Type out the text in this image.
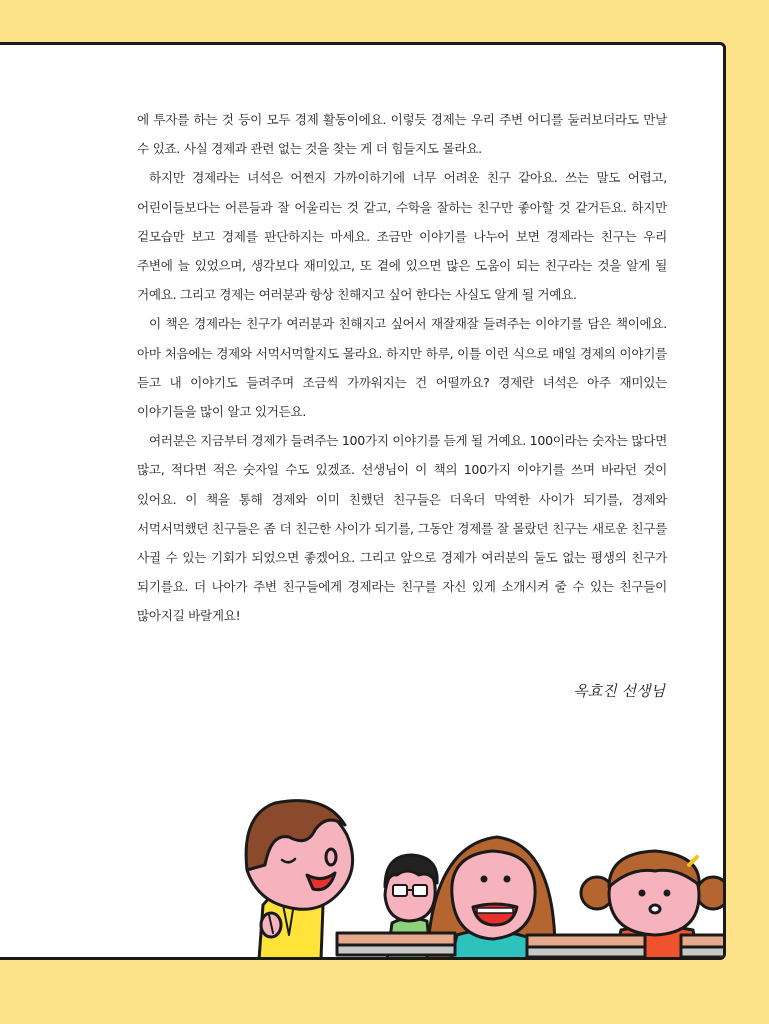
에 투자를 하는 것 등이 모두 경제 활동이에요. 이렇듯 경제는 우리 주변 어디를 둘러보더라도 만날 수 있죠. 사실 경제과 관련 없는 것을 찾는 게 더 힘들지도 몰라요.

하지만 경제라는 녀석은 어쩐지 가까이하기에 너무 어려운 친구 같아요. 쓰는 말도 어렵고, 어린이들보다는 어른들과 잘 어울리는 것 같고, 수학을 잘하는 친구만 좋아할 것 같거든요. 하지만 겉모습만 보고 경제를 판단하지는 마세요. 조금만 이야기를 나누어 보면 경제라는 친구는 우리 주변에 늘 있었으며, 생각보다 재미있고, 또 곁에 있으면 많은 도움이 되는 친구라는 것을 알게 될 거예요. 그리고 경제는 여러분과 항상 친해지고 싶어 한다는 사실도 알게 될 거예요.

이 책은 경제라는 친구가 여러분과 친해지고 싶어서 재잘재잘 들려주는 이야기를 담은 책이에요. 아마 처음에는 경제와 서먹서먹할지도 몰라요. 하지만 하루, 이틀 이런 식으로 매일 경제의 이야기를 듣고 내 이야기도 들려주며 조금씩 가까워지는 건 어떨까요? 경제란 녀석은 아주 재미있는 이야기들을 많이 알고 있거든요.

여러분은 지금부터 경제가 들려주는 100가지 이야기를 듣게 될 거예요. 100이라는 숫자는 많다면 많고, 적다면 적은 숫자일 수도 있겠죠. 선생님이 이 책의 100가지 이야기를 쓰며 바라던 것이 있어요. 이 책을 통해 경제와 이미 친했던 친구들은 더욱더 막역한 사이가 되기를, 경제와 서먹서먹했던 친구들은 좀 더 친근한 사이가 되기를, 그동안 경제를 잘 몰랐던 친구는 새로운 친구를 사귈 수 있는 기회가 되었으면 좋겠어요. 그리고 앞으로 경제가 여러분의 둘도 없는 평생의 친구가 되기를요. 더 나아가 주변 친구들에게 경제라는 친구를 자신 있게 소개시켜 줄 수 있는 친구들이 많아지길 바랄게요!

옥효진 선생님
